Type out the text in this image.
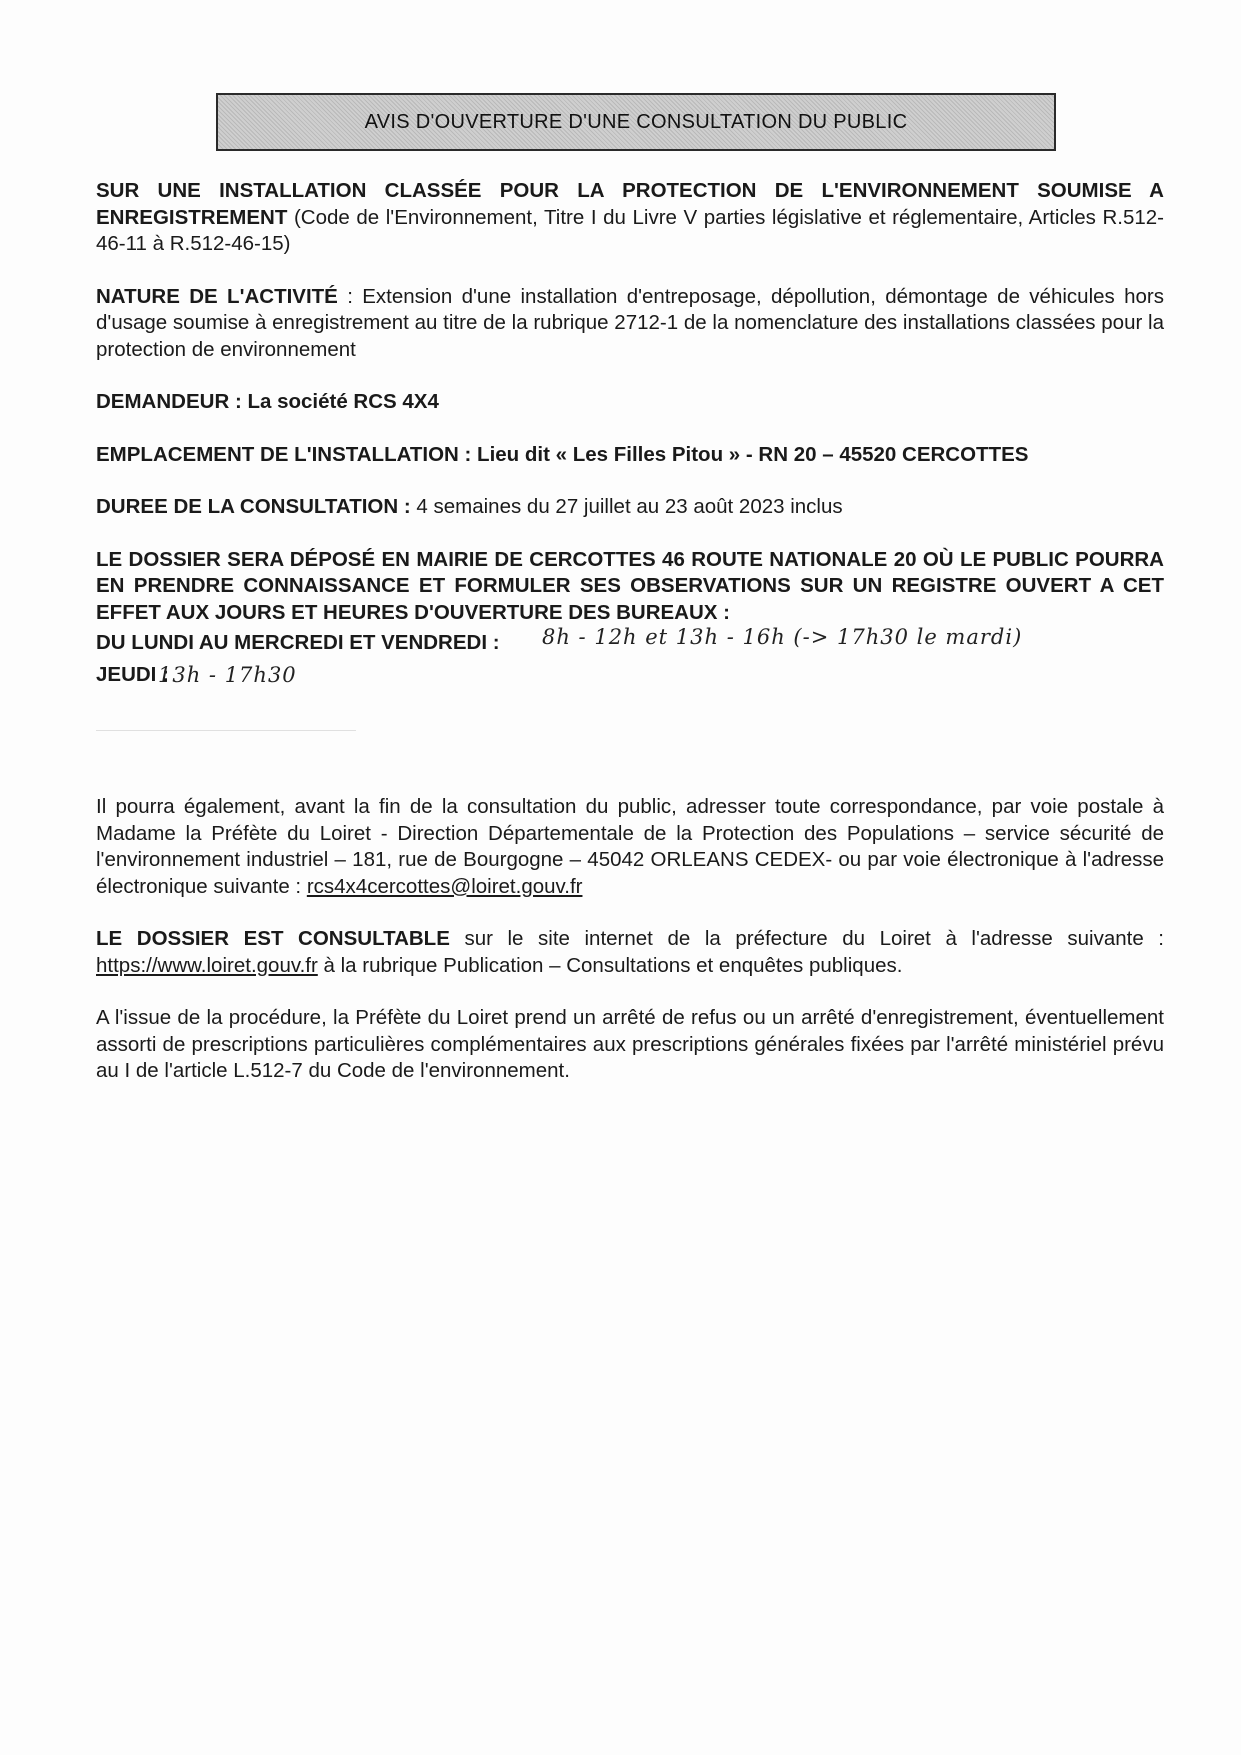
AVIS D'OUVERTURE D'UNE CONSULTATION DU PUBLIC

SUR UNE INSTALLATION CLASSÉE POUR LA PROTECTION DE L'ENVIRONNEMENT SOUMISE A ENREGISTREMENT (Code de l'Environnement, Titre I du Livre V parties législative et réglementaire, Articles R.512-46-11 à R.512-46-15)

NATURE DE L'ACTIVITÉ : Extension d'une installation d'entreposage, dépollution, démontage de véhicules hors d'usage soumise à enregistrement au titre de la rubrique 2712-1 de la nomenclature des installations classées pour la protection de environnement

DEMANDEUR : La société RCS 4X4

EMPLACEMENT DE L'INSTALLATION : Lieu dit « Les Filles Pitou » - RN 20 – 45520 CERCOTTES

DUREE DE LA CONSULTATION : 4 semaines du 27 juillet au 23 août 2023 inclus

LE DOSSIER SERA DÉPOSÉ EN MAIRIE DE CERCOTTES 46 ROUTE NATIONALE 20 OÙ LE PUBLIC POURRA EN PRENDRE CONNAISSANCE ET FORMULER SES OBSERVATIONS SUR UN REGISTRE OUVERT A CET EFFET AUX JOURS ET HEURES D'OUVERTURE DES BUREAUX :

DU LUNDI AU MERCREDI ET VENDREDI : 8h - 12h et 13h - 16h (-> 17h30 le mardi)
JEUDI :
13h - 17h30

Il pourra également, avant la fin de la consultation du public, adresser toute correspondance, par voie postale à Madame la Préfète du Loiret - Direction Départementale de la Protection des Populations – service sécurité de l'environnement industriel – 181, rue de Bourgogne – 45042 ORLEANS CEDEX- ou par voie électronique à l'adresse électronique suivante : rcs4x4cercottes@loiret.gouv.fr

LE DOSSIER EST CONSULTABLE sur le site internet de la préfecture du Loiret à l'adresse suivante : https://www.loiret.gouv.fr à la rubrique Publication – Consultations et enquêtes publiques.

A l'issue de la procédure, la Préfète du Loiret prend un arrêté de refus ou un arrêté d'enregistrement, éventuellement assorti de prescriptions particulières complémentaires aux prescriptions générales fixées par l'arrêté ministériel prévu au I de l'article L.512-7 du Code de l'environnement.
